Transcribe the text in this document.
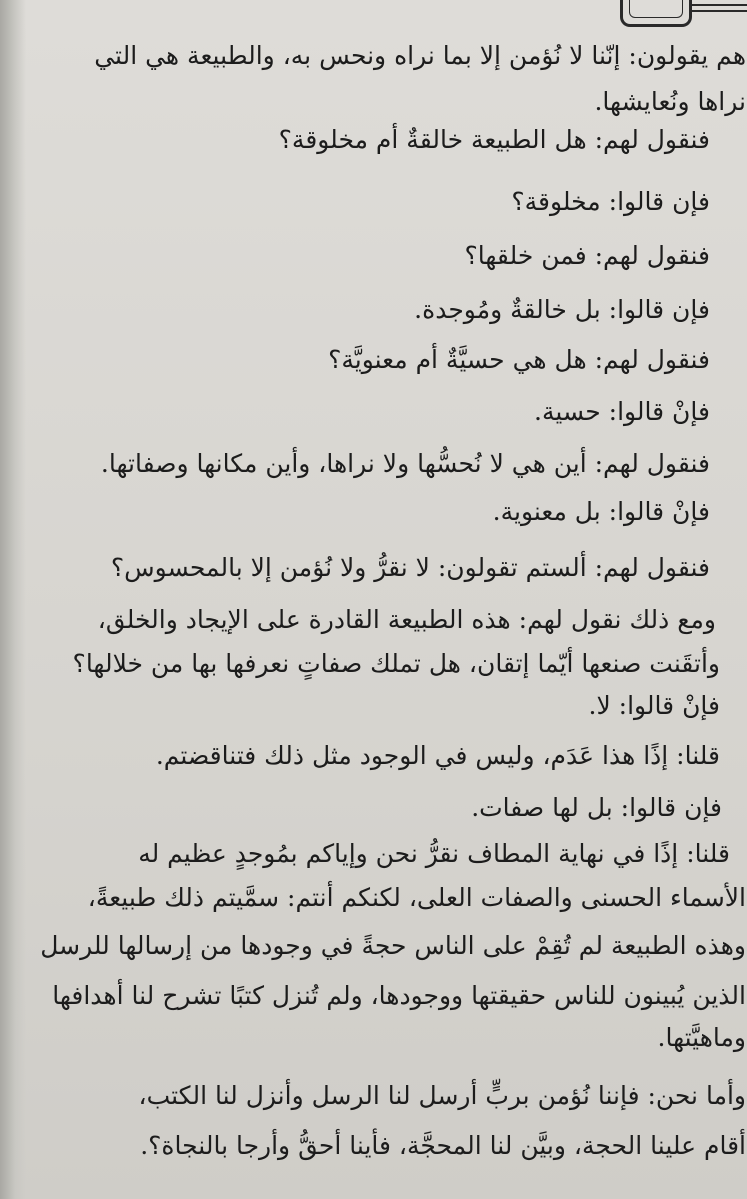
هم يقولون: إنّنا لا نُؤمن إلا بما نراه ونحس به، والطبيعة هي التي
نراها ونُعايشها.
فنقول لهم: هل الطبيعة خالقةٌ أم مخلوقة؟
فإن قالوا: مخلوقة؟
فنقول لهم: فمن خلقها؟
فإن قالوا: بل خالقةٌ ومُوجدة.
فنقول لهم: هل هي حسيَّةٌ أم معنويَّة؟
فإنْ قالوا: حسية.
فنقول لهم: أين هي لا نُحسُّها ولا نراها، وأين مكانها وصفاتها.
فإنْ قالوا: بل معنوية.
فنقول لهم: ألستم تقولون: لا نقرُّ ولا نُؤمن إلا بالمحسوس؟
ومع ذلك نقول لهم: هذه الطبيعة القادرة على الإيجاد والخلق،
وأتقَنت صنعها أيّما إتقان، هل تملك صفاتٍ نعرفها بها من خلالها؟
فإنْ قالوا: لا.
قلنا: إذًا هذا عَدَم، وليس في الوجود مثل ذلك فتناقضتم.
فإن قالوا: بل لها صفات.
قلنا: إذًا في نهاية المطاف نقرُّ نحن وإياكم بمُوجدٍ عظيم له
الأسماء الحسنى والصفات العلى، لكنكم أنتم: سمَّيتم ذلك طبيعةً،
وهذه الطبيعة لم تُقِمْ على الناس حجةً في وجودها من إرسالها للرسل
الذين يُبينون للناس حقيقتها ووجودها، ولم تُنزل كتبًا تشرح لنا أهدافها
وماهيَّتها.
وأما نحن: فإننا نُؤمن بربٍّ أرسل لنا الرسل وأنزل لنا الكتب،
أقام علينا الحجة، وبيَّن لنا المحجَّة، فأينا أحقُّ وأرجا بالنجاة؟.
